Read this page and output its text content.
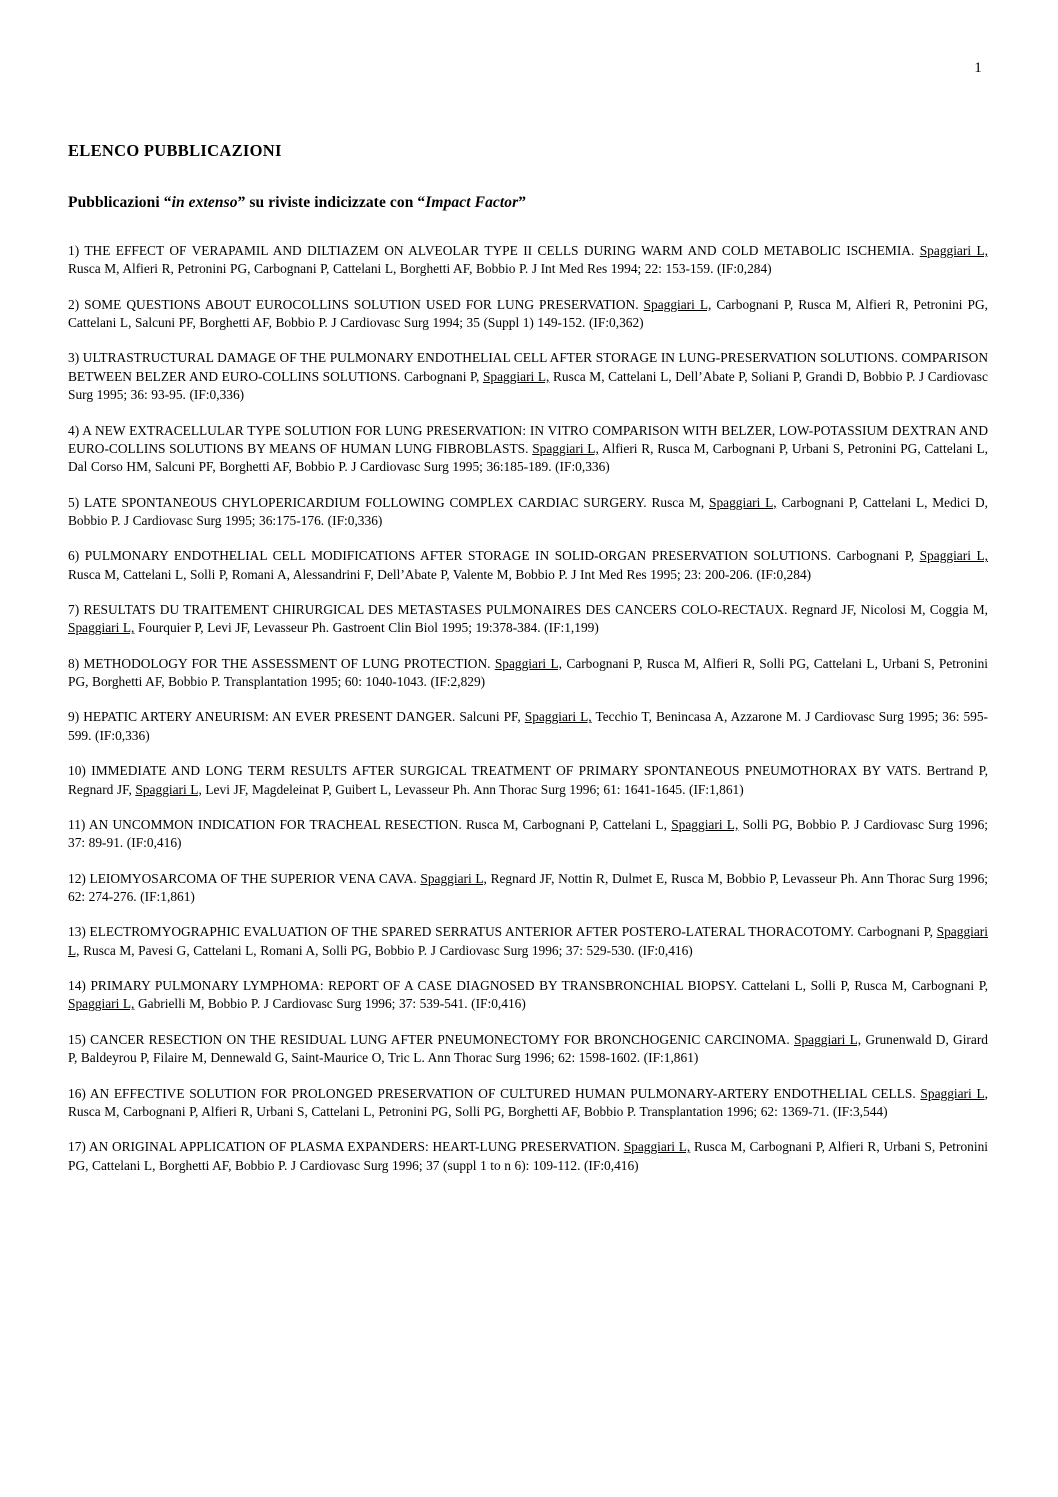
1
ELENCO PUBBLICAZIONI
Pubblicazioni “in extenso” su riviste indicizzate con “Impact Factor”
1) THE EFFECT OF VERAPAMIL AND DILTIAZEM ON ALVEOLAR TYPE II CELLS DURING WARM AND COLD METABOLIC ISCHEMIA. Spaggiari L, Rusca M, Alfieri R, Petronini PG, Carbognani P, Cattelani L, Borghetti AF, Bobbio P. J Int Med Res 1994; 22: 153-159. (IF:0,284)
2) SOME QUESTIONS ABOUT EUROCOLLINS SOLUTION USED FOR LUNG PRESERVATION. Spaggiari L, Carbognani P, Rusca M, Alfieri R, Petronini PG, Cattelani L, Salcuni PF, Borghetti AF, Bobbio P. J Cardiovasc Surg 1994; 35 (Suppl 1) 149-152. (IF:0,362)
3) ULTRASTRUCTURAL DAMAGE OF THE PULMONARY ENDOTHELIAL CELL AFTER STORAGE IN LUNG-PRESERVATION SOLUTIONS. COMPARISON BETWEEN BELZER AND EURO-COLLINS SOLUTIONS. Carbognani P, Spaggiari L, Rusca M, Cattelani L, Dell’Abate P, Soliani P, Grandi D, Bobbio P. J Cardiovasc Surg 1995; 36: 93-95. (IF:0,336)
4) A NEW EXTRACELLULAR TYPE SOLUTION FOR LUNG PRESERVATION: IN VITRO COMPARISON WITH BELZER, LOW-POTASSIUM DEXTRAN AND EURO-COLLINS SOLUTIONS BY MEANS OF HUMAN LUNG FIBROBLASTS. Spaggiari L, Alfieri R, Rusca M, Carbognani P, Urbani S, Petronini PG, Cattelani L, Dal Corso HM, Salcuni PF, Borghetti AF, Bobbio P. J Cardiovasc Surg 1995; 36:185-189. (IF:0,336)
5) LATE SPONTANEOUS CHYLOPERICARDIUM FOLLOWING COMPLEX CARDIAC SURGERY. Rusca M, Spaggiari L, Carbognani P, Cattelani L, Medici D, Bobbio P. J Cardiovasc Surg 1995; 36:175-176. (IF:0,336)
6) PULMONARY ENDOTHELIAL CELL MODIFICATIONS AFTER STORAGE IN SOLID-ORGAN PRESERVATION SOLUTIONS. Carbognani P, Spaggiari L, Rusca M, Cattelani L, Solli P, Romani A, Alessandrini F, Dell’Abate P, Valente M, Bobbio P. J Int Med Res 1995; 23: 200-206. (IF:0,284)
7) RESULTATS DU TRAITEMENT CHIRURGICAL DES METASTASES PULMONAIRES DES CANCERS COLO-RECTAUX. Regnard JF, Nicolosi M, Coggia M, Spaggiari L, Fourquier P, Levi JF, Levasseur Ph. Gastroent Clin Biol 1995; 19:378-384. (IF:1,199)
8) METHODOLOGY FOR THE ASSESSMENT OF LUNG PROTECTION. Spaggiari L, Carbognani P, Rusca M, Alfieri R, Solli PG, Cattelani L, Urbani S, Petronini PG, Borghetti AF, Bobbio P. Transplantation 1995; 60: 1040-1043. (IF:2,829)
9) HEPATIC ARTERY ANEURISM: AN EVER PRESENT DANGER. Salcuni PF, Spaggiari L, Tecchio T, Benincasa A, Azzarone M. J Cardiovasc Surg 1995; 36: 595-599. (IF:0,336)
10) IMMEDIATE AND LONG TERM RESULTS AFTER SURGICAL TREATMENT OF PRIMARY SPONTANEOUS PNEUMOTHORAX BY VATS. Bertrand P, Regnard JF, Spaggiari L, Levi JF, Magdeleinat P, Guibert L, Levasseur Ph. Ann Thorac Surg 1996; 61: 1641-1645. (IF:1,861)
11) AN UNCOMMON INDICATION FOR TRACHEAL RESECTION. Rusca M, Carbognani P, Cattelani L, Spaggiari L, Solli PG, Bobbio P. J Cardiovasc Surg 1996; 37: 89-91. (IF:0,416)
12) LEIOMYOSARCOMA OF THE SUPERIOR VENA CAVA. Spaggiari L, Regnard JF, Nottin R, Dulmet E, Rusca M, Bobbio P, Levasseur Ph. Ann Thorac Surg 1996; 62: 274-276. (IF:1,861)
13) ELECTROMYOGRAPHIC EVALUATION OF THE SPARED SERRATUS ANTERIOR AFTER POSTERO-LATERAL THORACOTOMY. Carbognani P, Spaggiari L, Rusca M, Pavesi G, Cattelani L, Romani A, Solli PG, Bobbio P. J Cardiovasc Surg 1996; 37: 529-530. (IF:0,416)
14) PRIMARY PULMONARY LYMPHOMA: REPORT OF A CASE DIAGNOSED BY TRANSBRONCHIAL BIOPSY. Cattelani L, Solli P, Rusca M, Carbognani P, Spaggiari L, Gabrielli M, Bobbio P. J Cardiovasc Surg 1996; 37: 539-541. (IF:0,416)
15) CANCER RESECTION ON THE RESIDUAL LUNG AFTER PNEUMONECTOMY FOR BRONCHOGENIC CARCINOMA. Spaggiari L, Grunenwald D, Girard P, Baldeyrou P, Filaire M, Dennewald G, Saint-Maurice O, Tric L. Ann Thorac Surg 1996; 62: 1598-1602. (IF:1,861)
16) AN EFFECTIVE SOLUTION FOR PROLONGED PRESERVATION OF CULTURED HUMAN PULMONARY-ARTERY ENDOTHELIAL CELLS. Spaggiari L, Rusca M, Carbognani P, Alfieri R, Urbani S, Cattelani L, Petronini PG, Solli PG, Borghetti AF, Bobbio P. Transplantation 1996; 62: 1369-71. (IF:3,544)
17) AN ORIGINAL APPLICATION OF PLASMA EXPANDERS: HEART-LUNG PRESERVATION. Spaggiari L, Rusca M, Carbognani P, Alfieri R, Urbani S, Petronini PG, Cattelani L, Borghetti AF, Bobbio P. J Cardiovasc Surg 1996; 37 (suppl 1 to n 6): 109-112. (IF:0,416)
